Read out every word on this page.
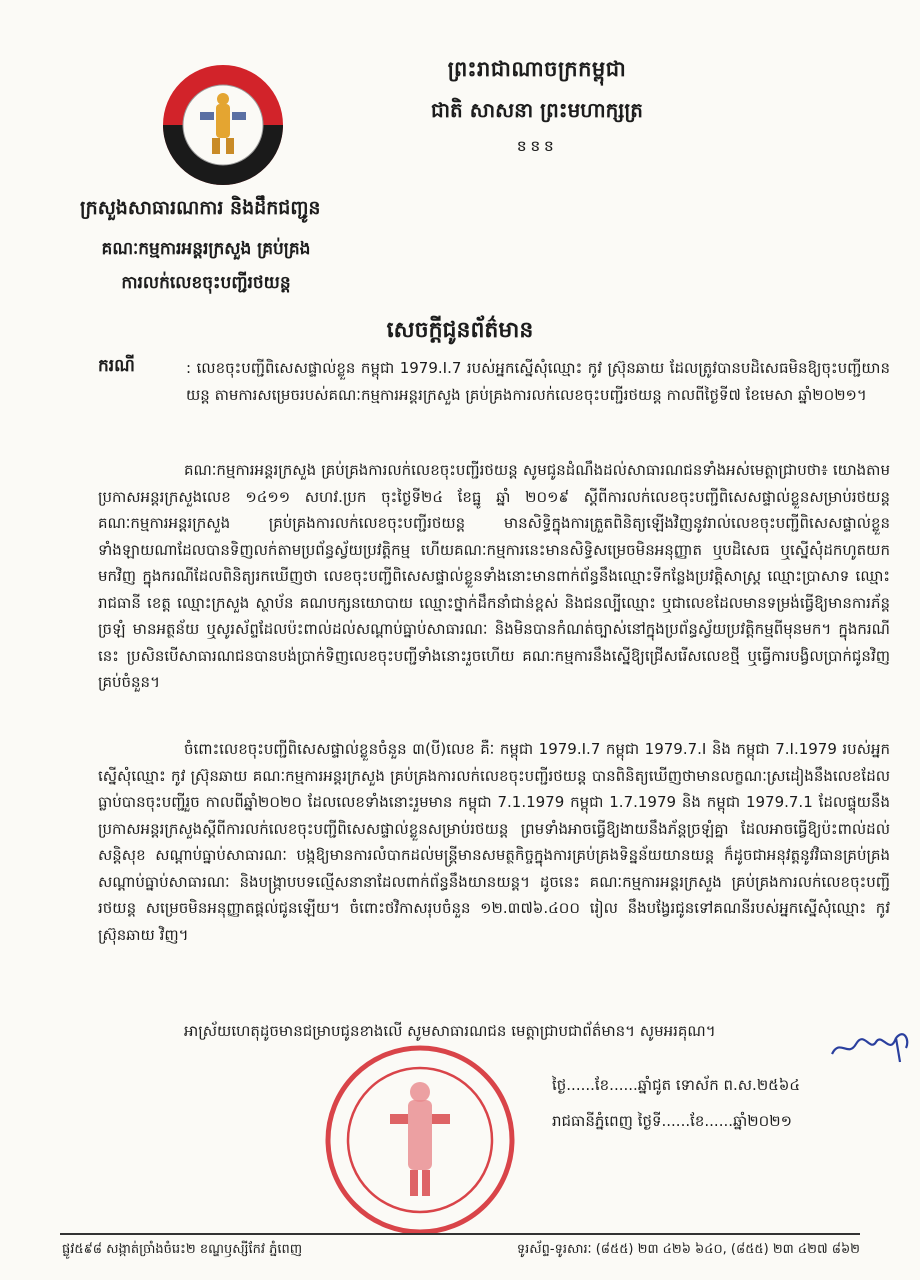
ព្រះរាជាណាចក្រកម្ពុជា
ជាតិ សាសនា ព្រះមហាក្សត្រ
ៜៜៜ
ក្រសួងសាធារណការ និងដឹកជញ្ជូន
គណៈកម្មការអន្តរក្រសួង គ្រប់គ្រង
ការលក់លេខចុះបញ្ជីរថយន្ត
សេចក្តីជូនព័ត៌មាន
ករណី	: លេខចុះបញ្ជីពិសេសផ្ទាល់ខ្លួន កម្ពុជា 1979.I.7 របស់អ្នកស្នើសុំឈ្មោះ កូវ ស្រ៊ុនឆាយ ដែលត្រូវបានបដិសេធមិនឱ្យចុះបញ្ជីយានយន្ត តាមការសម្រេចរបស់គណៈកម្មការអន្តរក្រសួង គ្រប់គ្រងការលក់លេខចុះបញ្ជីរថយន្ត កាលពីថ្ងៃទី៧ ខែមេសា ឆ្នាំ២០២១។
គណៈកម្មការអន្តរក្រសួង គ្រប់គ្រងការលក់លេខចុះបញ្ជីរថយន្ត សូមជូនដំណឹងដល់សាធារណជនទាំងអស់មេត្តាជ្រាបថា៖ យោងតាមប្រកាសអន្តរក្រសួងលេខ ១៤១១ សហវ.ប្រក ចុះថ្ងៃទី២៤ ខែធ្នូ ឆ្នាំ ២០១៩ ស្តីពីការលក់លេខចុះបញ្ជីពិសេសផ្ទាល់ខ្លួនសម្រាប់រថយន្ត គណៈកម្មការអន្តរក្រសួង គ្រប់គ្រងការលក់លេខចុះបញ្ជីរថយន្ត មានសិទ្ធិក្នុងការត្រួតពិនិត្យឡើងវិញនូវរាល់លេខចុះបញ្ជីពិសេសផ្ទាល់ខ្លួនទាំងឡាយណាដែលបានទិញលក់តាមប្រព័ន្ធស្វ័យប្រវត្តិកម្ម ហើយគណៈកម្មការនេះមានសិទ្ធិសម្រេចមិនអនុញ្ញាត ឬបដិសេធ ឬស្នើសុំដកហូតយកមកវិញ ក្នុងករណីដែលពិនិត្យរកឃើញថា លេខចុះបញ្ជីពិសេសផ្ទាល់ខ្លួនទាំងនោះមានពាក់ព័ន្ធនឹងឈ្មោះទីកន្លែងប្រវត្តិសាស្ត្រ ឈ្មោះប្រាសាទ ឈ្មោះរាជធានី ខេត្ត ឈ្មោះក្រសួង ស្ថាប័ន គណបក្សនយោបាយ ឈ្មោះថ្នាក់ដឹកនាំជាន់ខ្ពស់ និងជនល្បីឈ្មោះ ឬជាលេខដែលមានទម្រង់ធ្វើឱ្យមានការភ័ន្តច្រឡំ មានអត្ថន័យ ឬសូរស័ព្ទដែលប៉ះពាល់ដល់សណ្តាប់ធ្នាប់សាធារណៈ និងមិនបានកំណត់ច្បាស់នៅក្នុងប្រព័ន្ធស្វ័យប្រវត្តិកម្មពីមុនមក។ ក្នុងករណីនេះ ប្រសិនបើសាធារណជនបានបង់ប្រាក់ទិញលេខចុះបញ្ជីទាំងនោះរួចហើយ គណៈកម្មការនឹងស្នើឱ្យជ្រើសរើសលេខថ្មី ឬធ្វើការបង្វិលប្រាក់ជូនវិញគ្រប់ចំនួន។
ចំពោះលេខចុះបញ្ជីពិសេសផ្ទាល់ខ្លួនចំនួន ៣(បី)លេខ គឺៈ កម្ពុជា 1979.I.7 កម្ពុជា 1979.7.I និង កម្ពុជា 7.I.1979 របស់អ្នកស្នើសុំឈ្មោះ កូវ ស្រ៊ុនឆាយ គណៈកម្មការអន្តរក្រសួង គ្រប់គ្រងការលក់លេខចុះបញ្ជីរថយន្ត បានពិនិត្យឃើញថាមានលក្ខណៈស្រដៀងនឹងលេខដែលធ្លាប់បានចុះបញ្ជីរួច កាលពីឆ្នាំ២០២០ ដែលលេខទាំងនោះរួមមាន កម្ពុជា 7.1.1979 កម្ពុជា 1.7.1979 និង កម្ពុជា 1979.7.1 ដែលផ្ទុយនឹងប្រកាសអន្តរក្រសួងស្តីពីការលក់លេខចុះបញ្ជីពិសេសផ្ទាល់ខ្លួនសម្រាប់រថយន្ត ព្រមទាំងអាចធ្វើឱ្យងាយនឹងភ័ន្តច្រឡំគ្នា ដែលអាចធ្វើឱ្យប៉ះពាល់ដល់សន្តិសុខ សណ្តាប់ធ្នាប់សាធារណៈ បង្កឱ្យមានការលំបាកដល់មន្ត្រីមានសមត្ថកិច្ចក្នុងការគ្រប់គ្រងទិន្នន័យយានយន្ត ក៏ដូចជាអនុវត្តនូវវិធានគ្រប់គ្រងសណ្តាប់ធ្នាប់សាធារណៈ និងបង្ក្រាបបទល្មើសនានាដែលពាក់ព័ន្ធនឹងយានយន្ត។ ដូចនេះ គណៈកម្មការអន្តរក្រសួង គ្រប់គ្រងការលក់លេខចុះបញ្ជីរថយន្ត សម្រេចមិនអនុញ្ញាតផ្តល់ជូនឡើយ។ ចំពោះថវិកាសរុបចំនួន ១២.៣៧៦.៤០០ រៀល នឹងបង្វែរជូនទៅគណនីរបស់អ្នកស្នើសុំឈ្មោះ កូវ ស្រ៊ុនឆាយ វិញ។
អាស្រ័យហេតុដូចមានជម្រាបជូនខាងលើ សូមសាធារណជន មេត្តាជ្រាបជាព័ត៌មាន។ សូមអរគុណ។
ថ្ងៃ......ខែ......ឆ្នាំជូត ទោស័ក ព.ស.២៥៦៤
រាជធានីភ្នំពេញ ថ្ងៃទី......ខែ......ឆ្នាំ២០២១
ផ្លូវ៥៩៨ សង្កាត់ច្រាំងចំរេះ២ ខណ្ឌឫស្សីកែវ ភ្នំពេញ	ទូរស័ព្ទ-ទូរសារៈ (៨៥៥) ២៣ ៤២៦ ៦៤០, (៨៥៥) ២៣ ៤២៧ ៨៦២
